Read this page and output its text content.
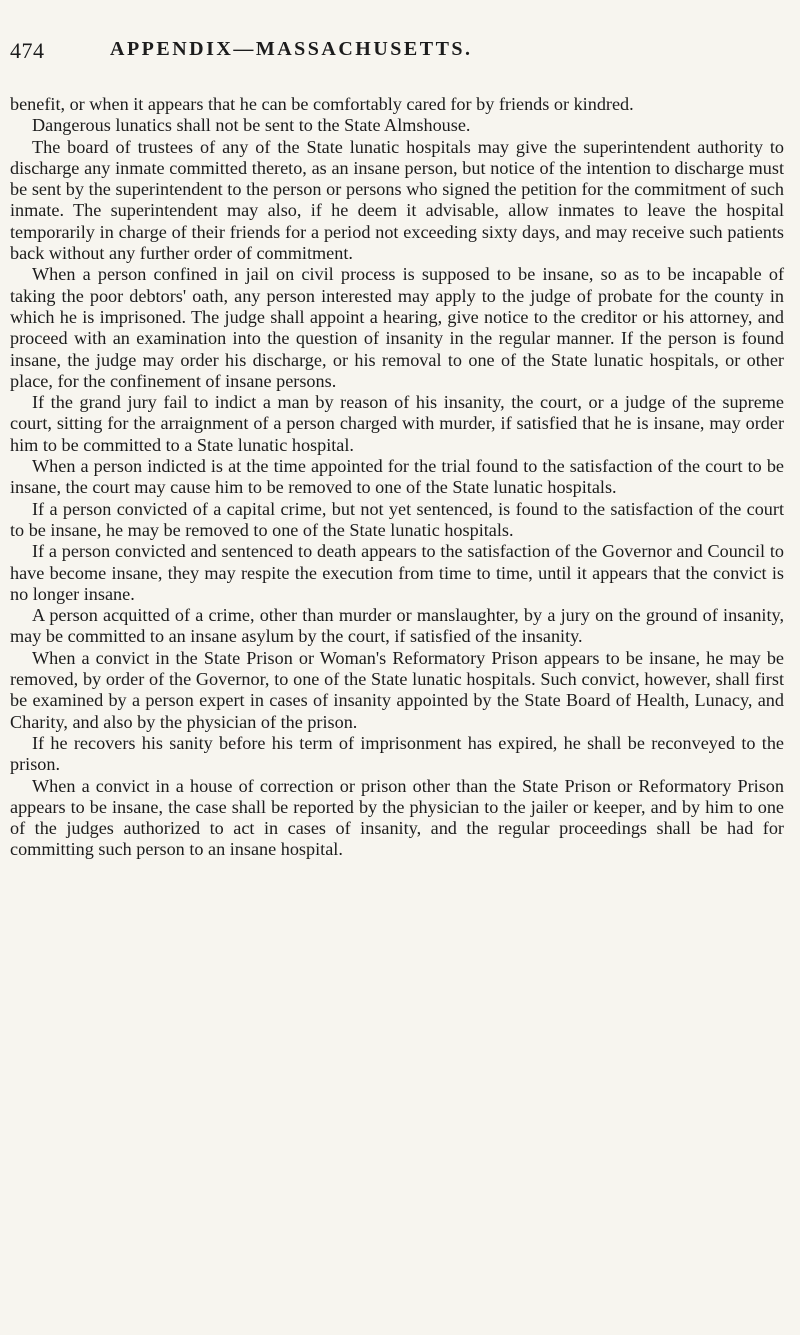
474	APPENDIX—MASSACHUSETTS.

benefit, or when it appears that he can be comfortably cared for by friends or kindred.

Dangerous lunatics shall not be sent to the State Almshouse.

The board of trustees of any of the State lunatic hospitals may give the superintendent authority to discharge any inmate committed thereto, as an insane person, but notice of the intention to discharge must be sent by the superintendent to the person or persons who signed the petition for the commitment of such inmate. The superintendent may also, if he deem it advisable, allow inmates to leave the hospital temporarily in charge of their friends for a period not exceeding sixty days, and may receive such patients back without any further order of commitment.

When a person confined in jail on civil process is supposed to be insane, so as to be incapable of taking the poor debtors' oath, any person interested may apply to the judge of probate for the county in which he is imprisoned. The judge shall appoint a hearing, give notice to the creditor or his attorney, and proceed with an examination into the question of insanity in the regular manner. If the person is found insane, the judge may order his discharge, or his removal to one of the State lunatic hospitals, or other place, for the confinement of insane persons.

If the grand jury fail to indict a man by reason of his insanity, the court, or a judge of the supreme court, sitting for the arraignment of a person charged with murder, if satisfied that he is insane, may order him to be committed to a State lunatic hospital.

When a person indicted is at the time appointed for the trial found to the satisfaction of the court to be insane, the court may cause him to be removed to one of the State lunatic hospitals.

If a person convicted of a capital crime, but not yet sentenced, is found to the satisfaction of the court to be insane, he may be removed to one of the State lunatic hospitals.

If a person convicted and sentenced to death appears to the satisfaction of the Governor and Council to have become insane, they may respite the execution from time to time, until it appears that the convict is no longer insane.

A person acquitted of a crime, other than murder or manslaughter, by a jury on the ground of insanity, may be committed to an insane asylum by the court, if satisfied of the insanity.

When a convict in the State Prison or Woman's Reformatory Prison appears to be insane, he may be removed, by order of the Governor, to one of the State lunatic hospitals. Such convict, however, shall first be examined by a person expert in cases of insanity appointed by the State Board of Health, Lunacy, and Charity, and also by the physician of the prison.

If he recovers his sanity before his term of imprisonment has expired, he shall be reconveyed to the prison.

When a convict in a house of correction or prison other than the State Prison or Reformatory Prison appears to be insane, the case shall be reported by the physician to the jailer or keeper, and by him to one of the judges authorized to act in cases of insanity, and the regular proceedings shall be had for committing such person to an insane hospital.
